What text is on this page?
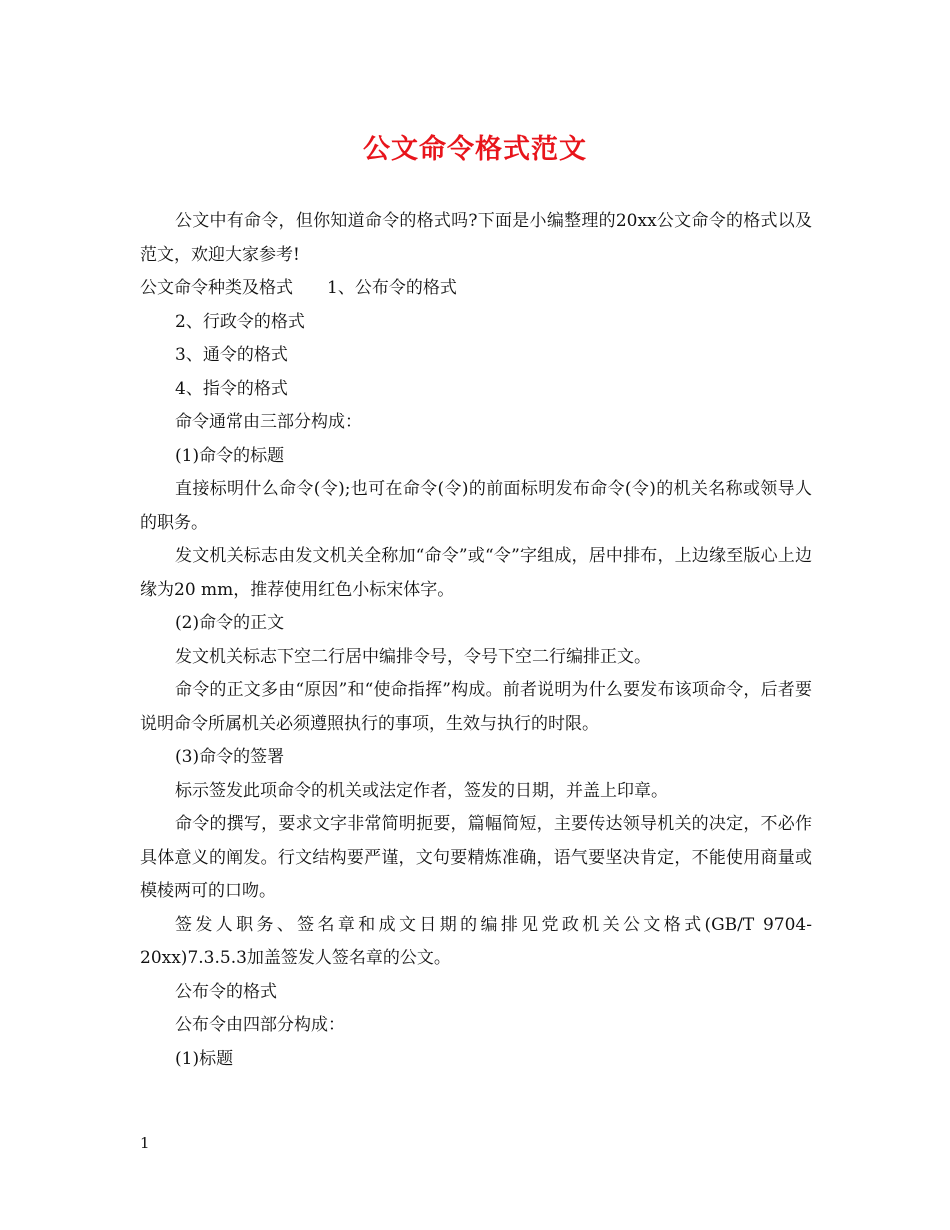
公文命令格式范文

公文中有命令，但你知道命令的格式吗?下面是小编整理的20xx公文命令的格式以及范文，欢迎大家参考!

公文命令种类及格式　　1、公布令的格式

2、行政令的格式

3、通令的格式

4、指令的格式

命令通常由三部分构成：

(1)命令的标题

直接标明什么命令(令);也可在命令(令)的前面标明发布命令(令)的机关名称或领导人的职务。

发文机关标志由发文机关全称加“命令”或“令”字组成，居中排布，上边缘至版心上边缘为20 mm，推荐使用红色小标宋体字。

(2)命令的正文

发文机关标志下空二行居中编排令号，令号下空二行编排正文。

命令的正文多由“原因”和“使命指挥”构成。前者说明为什么要发布该项命令，后者要说明命令所属机关必须遵照执行的事项，生效与执行的时限。

(3)命令的签署

标示签发此项命令的机关或法定作者，签发的日期，并盖上印章。

命令的撰写，要求文字非常简明扼要，篇幅简短，主要传达领导机关的决定，不必作具体意义的阐发。行文结构要严谨，文句要精炼准确，语气要坚决肯定，不能使用商量或模棱两可的口吻。

签发人职务、签名章和成文日期的编排见党政机关公文格式(GB/T 9704-20xx)7.3.5.3加盖签发人签名章的公文。

公布令的格式

公布令由四部分构成：

(1)标题

1
